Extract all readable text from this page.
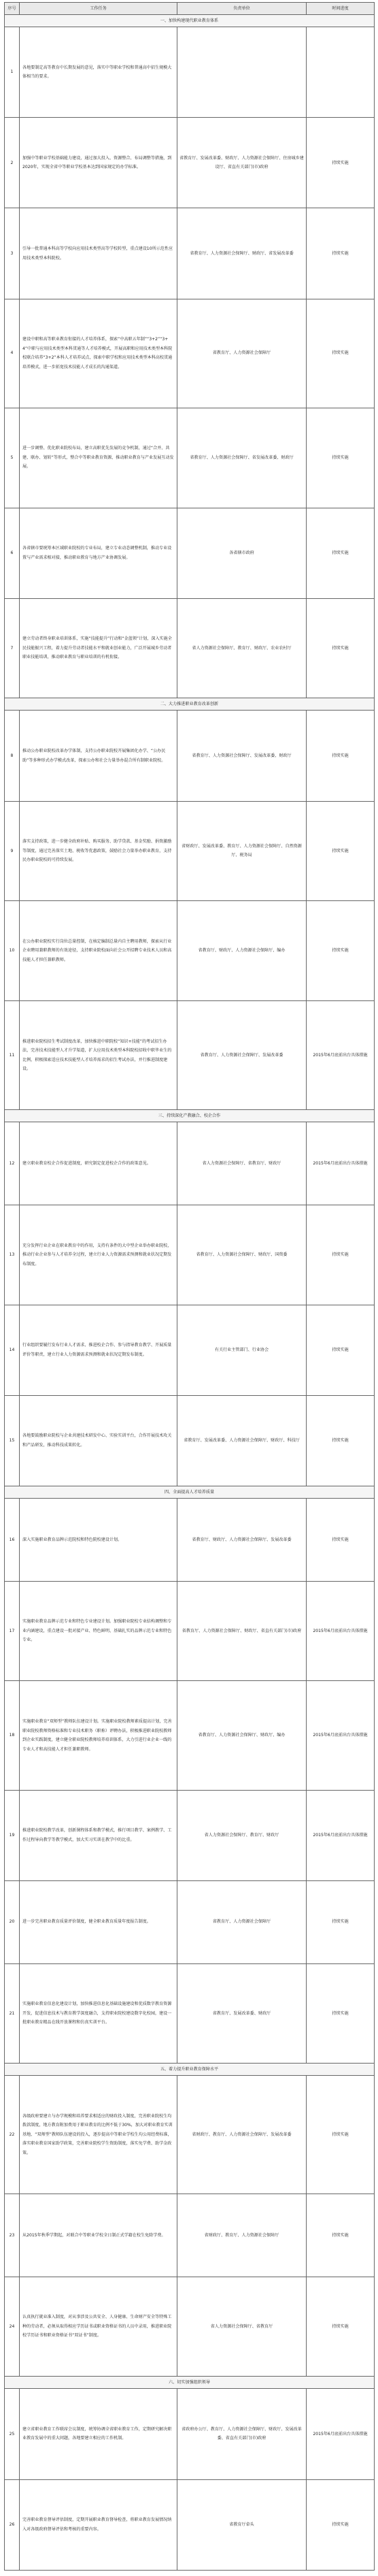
序号	工作任务	负责单位	时间进度
一、加快构建现代职业教育体系			
1	各地要制定高等教育中长期发展的意见，落实中等职业学校和普通高中招生规模大体相当的要求。		
2	加强中等职业学校基础能力建设，通过加大投入、资源整合、布局调整等措施，到2020年，实现全省中等职业学校基本达到国家规定的办学标准。	省教育厅、发展改革委、财政厅、人力资源社会保障厅、住房城乡建设厅、省直有关部门(市)政府	持续实施
3	引导一批普通本科高等学校向应用技术类型高等学校转型，重点建设10所示范性应用技术类型本科院校。	省教育厅、人力资源社会保障厅、财政厅、省发展改革委	持续实施
4	建设中职和高等职业教育衔接的人才培养体系，探索“中高职五年制”“3+2”“3+4”中职与应用技术类型本科贯通等人才培养模式，开展高职和应用技术类型本科院校联合培养“3+2”本科人才培养试点，探索中职学校和应用技术类型本科高校贯通培养模式，进一步拓宽技术技能人才成长的沟通渠道。	省教育厅、人力资源社会保障厅	持续实施
5	进一步调整、优化职业院校布局，建立高职优先发展的竞争机制，通过“合并、共建、联办、划转”等形式，整合中等职业教育资源，推动职业教育与产业发展互动发展。	省教育厅、人力资源社会保障厅、省发展改革委、财政厅	持续实施
6	各省辖市要统筹本区域职业院校的专业布局，建立专业动态调整机制，推动专业设置与产业需求相对接，推动职业教育与地方产业协调发展。	各省辖市政府	持续实施
7	建立劳动者终身职业培训体系，实施“技能提升”行动和“金蓝领”计划，深入实施全民技能振兴工程，着力提升劳动者技能水平和就业创业能力，广泛开展城乡劳动者职业技能培训，推动职业教育与职业培训的有机衔接。	省人力资源社会保障厅、教育厅、财政厅、农业农村厅	持续实施
二、大力推进职业教育改革创新			
8	推动公办职业院校改革办学体制，支持公办职业院校开展集团化办学、“公办民助”等多种形式办学模式改革，探索公办和社会力量举办混合所有制职业院校。	省教育厅、人力资源社会保障厅、发展改革委、财政厅	持续实施
9	落实支持政策，进一步健全政府补贴、购买服务、助学贷款、基金奖励、捐资激励等制度，通过完善落实土地、税收等优惠政策，鼓励社会力量举办职业教育，支持民办职业院校的可持续发展。	省财政厅、发展改革委、教育厅、人力资源社会保障厅、自然资源厅、税务局	持续实施
10	在公办职业院校实行岗位总量控制，在核定编制总量内自主聘用教师，探索从行业企业聘用兼职教师的有效途径，支持职业院校面向社会公开招聘专业技术人员和高技能人才担任兼职教师。	省教育厅、财政厅、人力资源社会保障厅、编办	持续实施
11	推进职业院校招生考试制度改革，加快推进中职院校“知识+技能”的考试招生办法，完善技术技能型人才升学渠道，扩大应用技术类型本科院校招收中职毕业生的比例，积极探索适应技术技能型人才培养需求的招生考试办法，并行推进制度建设。	省教育厅、人力资源社会保障厅、发展改革委	2015年6月底前出台具体措施
三、持续深化产教融合、校企合作			
12	建立职业教育校企合作促进制度，研究制定促进校企合作的政策意见。	省人力资源社会保障厅、省教育厅、财政厅	2015年6月底前出台具体措施
13	充分发挥行业企业在职业教育中的作用，支持有条件的大中型企业举办职业院校，推动行业企业参与人才培养全过程，建立行业人力资源需求预测和就业状况定期发布制度。	省教育厅、人力资源社会保障厅、财政厅、国资委	持续实施
14	行业组织要履行发布行业人才需求、推进校企合作、参与指导教育教学、开展质量评价等职责，建立行业人力资源需求预测和就业状况定期发布制度。	有关行业主管部门、行业协会	持续实施
15	各地要鼓励职业院校与企业共建技术研发中心、实验实训平台，合作开展技术攻关和产品研发，推动科技成果转化。	省教育厅、发展改革委、人力资源社会保障厅、财政厅、科技厅	持续实施
四、全面提高人才培养质量			
16	深入实施职业教育品牌示范院校和特色院校建设计划。	省教育厅、财政厅、人力资源社会保障厅、发展改革委	持续实施
17	实施职业教育品牌示范专业和特色专业建设计划。加强职业院校专业结构调整和专业内涵建设，重点建设一批对接产业、特色鲜明、基础扎实的品牌示范专业和特色专业。	省教育厅、人力资源社会保障厅、财政厅、省直有关部门(市)政府	2015年6月底前出台具体措施
18	实施职业教育“双师型”教师队伍建设计划。实施职业院校教师素质提高计划，完善职业院校教师资格标准和专业技术职务（职称）评聘办法，积极推进职业院校教师到企业实践制度，建立健全职业院校教师培养培训体系，大力引进行业企业一线的专业人才和高技能人才担任兼职教师。	省教育厅、人力资源社会保障厅、财政厅、编办	2015年6月底前出台具体措施
19	推进职业院校教学改革，创新课程体系和教学模式，推行项目教学、案例教学、工作过程导向教学等教学模式，加大实习实训在教学中的比重。	省人力资源社会保障厅、教育厅、财政厅	2015年6月底前出台具体措施
20	进一步完善职业教育质量评价制度，健全职业教育质量年度报告制度。	省教育厅、人力资源社会保障厅	持续实施
21	实施职业教育信息化建设计划，加快推进信息化基础设施建设和优质数字教育资源开发，促进信息技术与教育教学深度融合，支持职业院校建设数字化校园，建设一批职业教育精品在线开放课程和仿真实训平台。	省教育厅、发展改革委、财政厅	持续实施
五、着力提升职业教育保障水平			
22	各级政府要建立与办学规模和培养要求相适应的财政投入制度，完善职业院校生均拨款制度，地方教育附加费用于职业教育的比例不低于30%，加大对职业教育实训基地、“双师型”教师队伍建设的投入，逐步提高中等职业学校生均公用经费标准，落实职业教育国家助学政策，完善职业院校学生资助制度，落实免学费、助学金政策。	省财政厅、教育厅、人力资源社会保障厅、发展改革委	持续实施
23	从2015年秋季学期起，对联合中等职业学校全日制正式学籍在校生免除学费。	省财政厅、教育厅、人力资源社会保障厅	持续实施
24	认真执行就业准入制度，对从事涉及公共安全、人身健康、生命财产安全等特殊工种的劳动者，必须从取得相应学历证书或职业资格证书的人员中录用，推进职业院校学历证书和职业资格证书“双证书”制度。	省人力资源社会保障厅、省教育厅	持续实施
六、切实加强组织领导			
25	建立省职业教育工作联席会议制度，统筹协调全省职业教育工作，定期研究解决职业教育发展中的重大问题，各地要建立相应的工作机制。	省政府办公厅、教育厅、人力资源社会保障厅、财政厅、发展改革委、省直有关部门(市)政府	2015年6月底前出台具体措施
26	完善职业教育督导评估制度，定期开展职业教育督导检查，将职业教育发展情况纳入对各级政府督导评估和考核的重要内容。	省教育厅牵头	持续实施
